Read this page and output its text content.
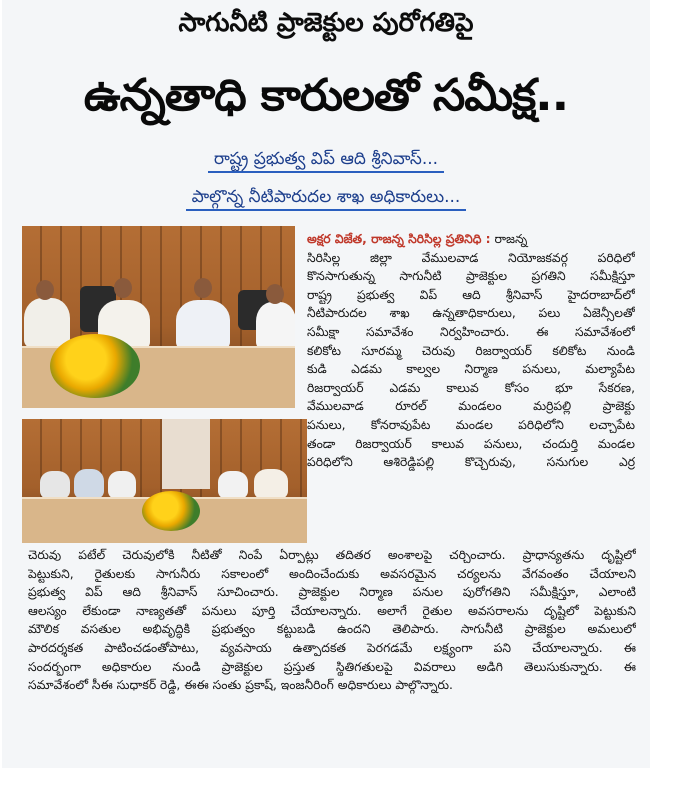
సాగునీటి ప్రాజెక్టుల పురోగతిపై
ఉన్నతాధి కారులతో సమీక్ష..
రాష్ట్ర ప్రభుత్వ విప్ ఆది శ్రీనివాస్...
పాల్గొన్న నీటిపారుదల శాఖ అధికారులు...
అక్షర విజేత, రాజన్న సిరిసిల్ల ప్రతినిధి : రాజన్న
సిరిసిల్ల జిల్లా వేములవాడ నియోజకవర్గ పరిధిలో
కొనసాగుతున్న సాగునీటి ప్రాజెక్టుల ప్రగతిని సమీక్షిస్తూ
రాష్ట్ర ప్రభుత్వ విప్ ఆది శ్రీనివాస్ హైదరాబాద్‌లో
నీటిపారుదల శాఖ ఉన్నతాధికారులు, పలు ఏజెన్సీలతో
సమీక్షా సమావేశం నిర్వహించారు. ఈ సమావేశంలో
కలికోట సూరమ్మ చెరువు రిజర్వాయర్ కలికోట నుండి
కుడి ఎడమ కాల్వల నిర్మాణ పనులు, మల్యాపేట
రిజర్వాయర్ ఎడమ కాలువ కోసం భూ సేకరణ,
వేములవాడ రూరల్ మండలం మర్రిపల్లి ప్రాజెక్టు
పనులు, కోనరావుపేట మండల పరిధిలోని లచ్చాపేట
తండా రిజర్వాయర్ కాలువ పనులు, చందుర్తి మండల
పరిధిలోని ఆశిరెడ్డిపల్లి కొచ్చెరువు, సనుగుల ఎర్ర
చెరువు పటేల్ చెరువులోకి నీటితో నింపే ఏర్పాట్లు తదితర అంశాలపై చర్చించారు. ప్రాధాన్యతను దృష్టిలో
పెట్టుకుని, రైతులకు సాగునీరు సకాలంలో అందించేందుకు అవసరమైన చర్యలను వేగవంతం చేయాలని
ప్రభుత్వ విప్ ఆది శ్రీనివాస్ సూచించారు. ప్రాజెక్టుల నిర్మాణ పనుల పురోగతిని సమీక్షిస్తూ, ఎలాంటి
ఆలస్యం లేకుండా నాణ్యతతో పనులు పూర్తి చేయాలన్నారు. అలాగే రైతుల అవసరాలను దృష్టిలో పెట్టుకుని
మౌలిక వసతుల అభివృద్ధికి ప్రభుత్వం కట్టుబడి ఉందని తెలిపారు. సాగునీటి ప్రాజెక్టుల అమలులో
పారదర్శకత పాటించడంతోపాటు, వ్యవసాయ ఉత్పాదకత పెరగడమే లక్ష్యంగా పని చేయాలన్నారు. ఈ
సందర్భంగా అధికారుల నుండి ప్రాజెక్టుల ప్రస్తుత స్థితిగతులపై వివరాలు అడిగి తెలుసుకున్నారు. ఈ
సమావేశంలో సీఈ సుధాకర్ రెడ్డి, ఈఈ సంతు ప్రకాష్, ఇంజనీరింగ్ అధికారులు పాల్గొన్నారు.
